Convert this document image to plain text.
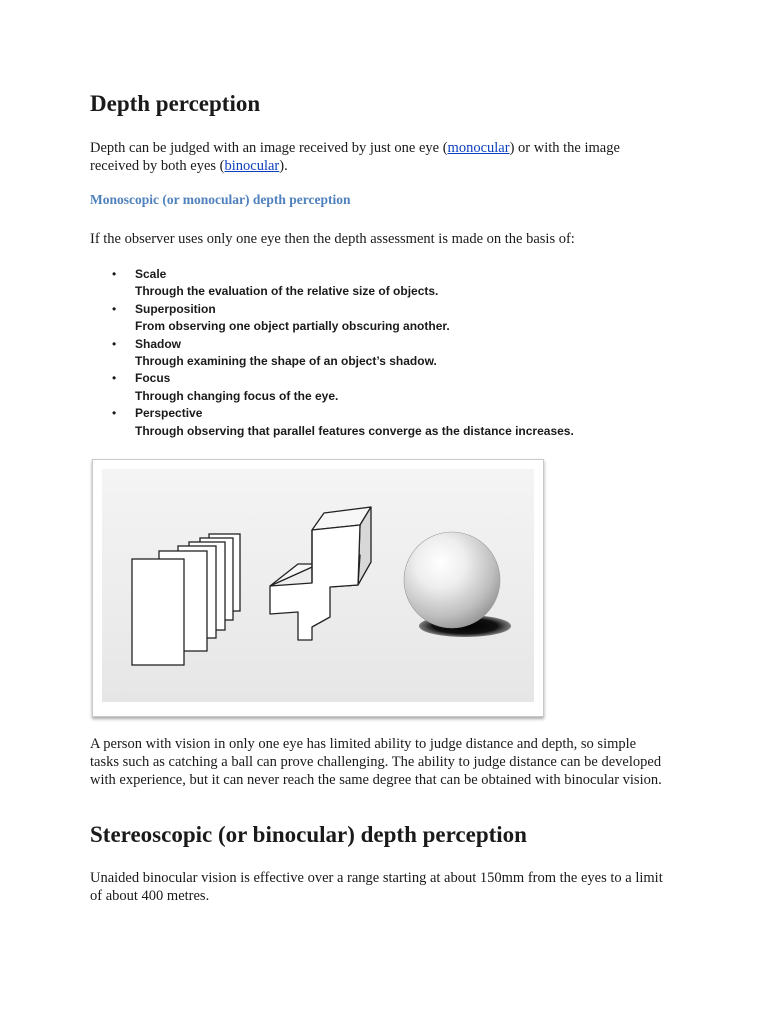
Depth perception

Depth can be judged with an image received by just one eye (monocular) or with the image received by both eyes (binocular).

Monoscopic (or monocular) depth perception

If the observer uses only one eye then the depth assessment is made on the basis of:

• Scale
Through the evaluation of the relative size of objects.
• Superposition
From observing one object partially obscuring another.
• Shadow
Through examining the shape of an object’s shadow.
• Focus
Through changing focus of the eye.
• Perspective
Through observing that parallel features converge as the distance increases.

A person with vision in only one eye has limited ability to judge distance and depth, so simple tasks such as catching a ball can prove challenging. The ability to judge distance can be developed with experience, but it can never reach the same degree that can be obtained with binocular vision.

Stereoscopic (or binocular) depth perception

Unaided binocular vision is effective over a range starting at about 150mm from the eyes to a limit of about 400 metres.
